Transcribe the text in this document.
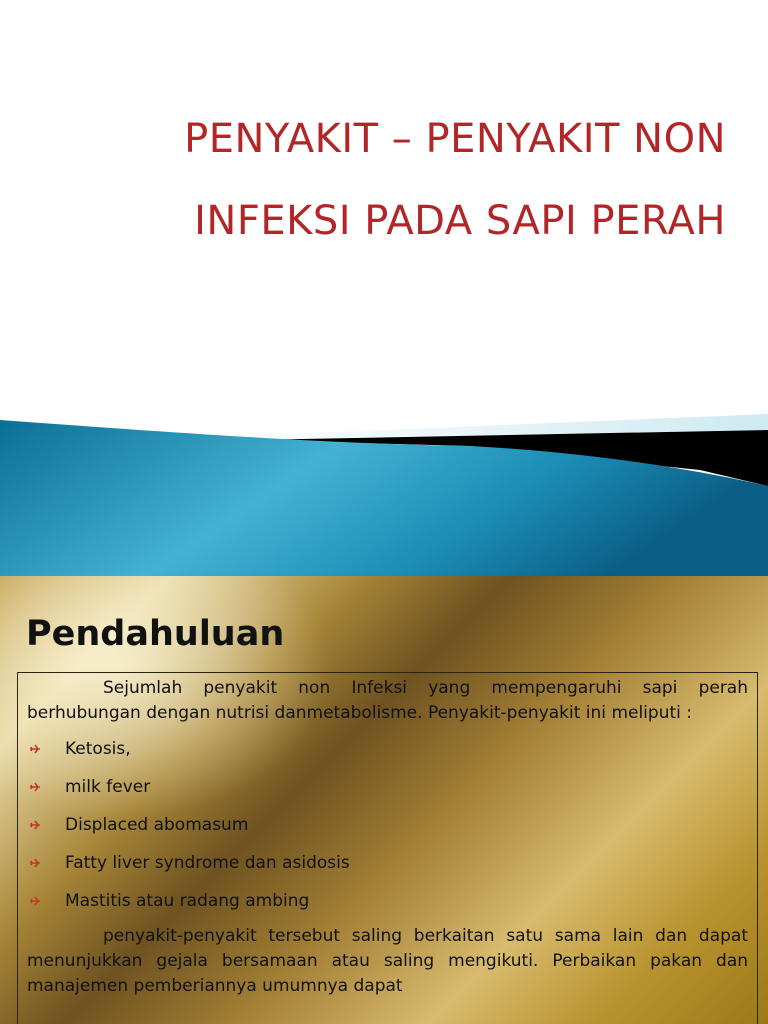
PENYAKIT – PENYAKIT NON
INFEKSI PADA SAPI PERAH
Pendahuluan

Sejumlah penyakit non Infeksi yang mempengaruhi sapi perah berhubungan dengan nutrisi danmetabolisme. Penyakit-penyakit ini meliputi :

Ketosis,
milk fever
Displaced abomasum
Fatty liver syndrome dan asidosis
Mastitis atau radang ambing

penyakit-penyakit tersebut saling berkaitan satu sama lain dan dapat menunjukkan gejala bersamaan atau saling mengikuti. Perbaikan pakan dan manajemen pemberiannya umumnya dapat
